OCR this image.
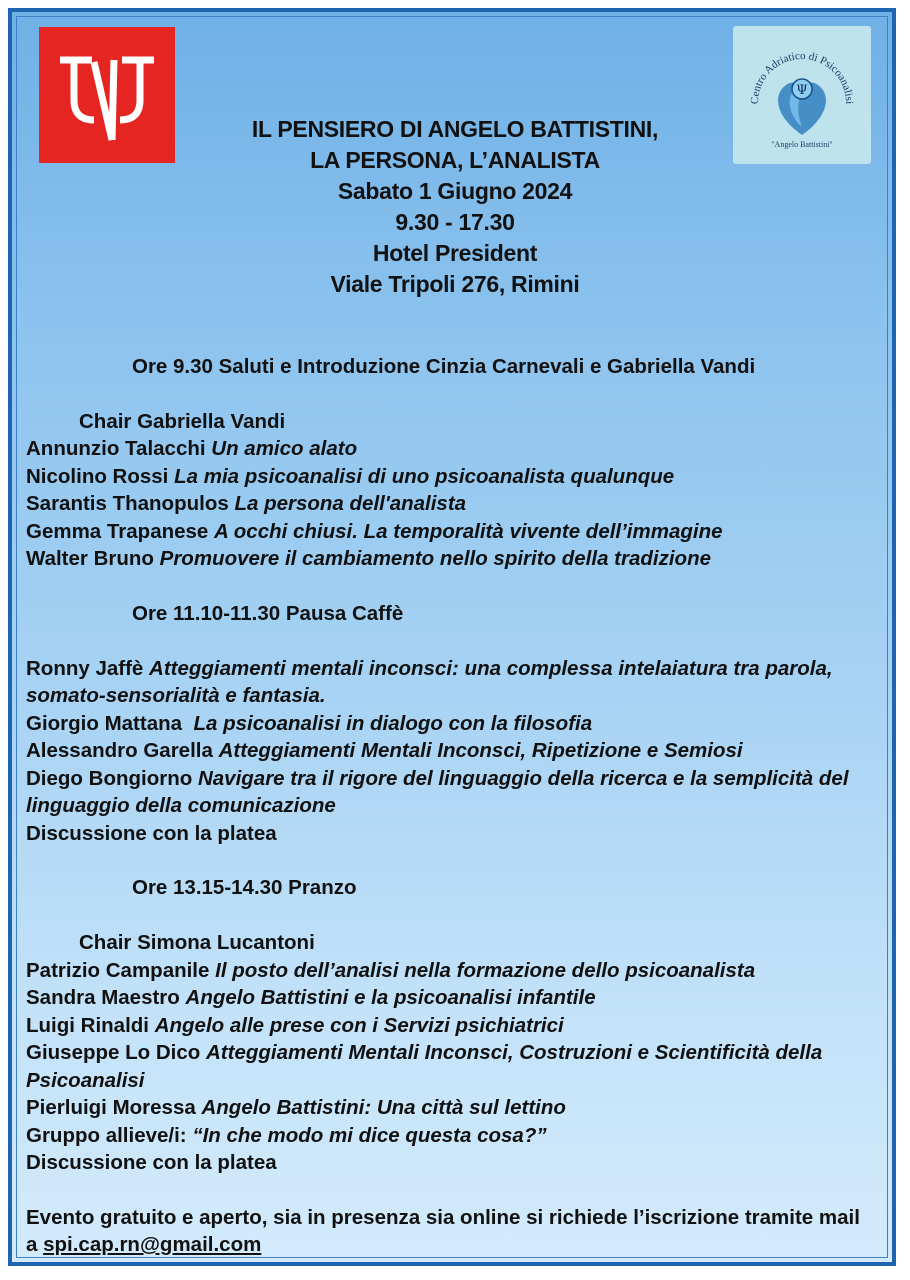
Centro Adriatico di Psicoanalisi
Ψ
"Angelo Battistini"
IL PENSIERO DI ANGELO BATTISTINI,
LA PERSONA, L’ANALISTA
Sabato 1 Giugno 2024
9.30 - 17.30
Hotel President
Viale Tripoli 276, Rimini
Ore 9.30 Saluti e Introduzione Cinzia Carnevali e Gabriella Vandi
Chair Gabriella Vandi
Annunzio Talacchi Un amico alato
Nicolino Rossi La mia psicoanalisi di uno psicoanalista qualunque
Sarantis Thanopulos La persona dell'analista
Gemma Trapanese A occhi chiusi. La temporalità vivente dell’immagine
Walter Bruno Promuovere il cambiamento nello spirito della tradizione
Ore 11.10-11.30 Pausa Caffè
Ronny Jaffè Atteggiamenti mentali inconsci: una complessa intelaiatura tra parola,
somato-sensorialità e fantasia.
Giorgio Mattana La psicoanalisi in dialogo con la filosofia
Alessandro Garella Atteggiamenti Mentali Inconsci, Ripetizione e Semiosi
Diego Bongiorno Navigare tra il rigore del linguaggio della ricerca e la semplicità del
linguaggio della comunicazione
Discussione con la platea
Ore 13.15-14.30 Pranzo
Chair Simona Lucantoni
Patrizio Campanile Il posto dell’analisi nella formazione dello psicoanalista
Sandra Maestro Angelo Battistini e la psicoanalisi infantile
Luigi Rinaldi Angelo alle prese con i Servizi psichiatrici
Giuseppe Lo Dico Atteggiamenti Mentali Inconsci, Costruzioni e Scientificità della
Psicoanalisi
Pierluigi Moressa Angelo Battistini: Una città sul lettino
Gruppo allieve/i: “In che modo mi dice questa cosa?”
Discussione con la platea
Evento gratuito e aperto, sia in presenza sia online si richiede l’iscrizione tramite mail
a spi.cap.rn@gmail.com
